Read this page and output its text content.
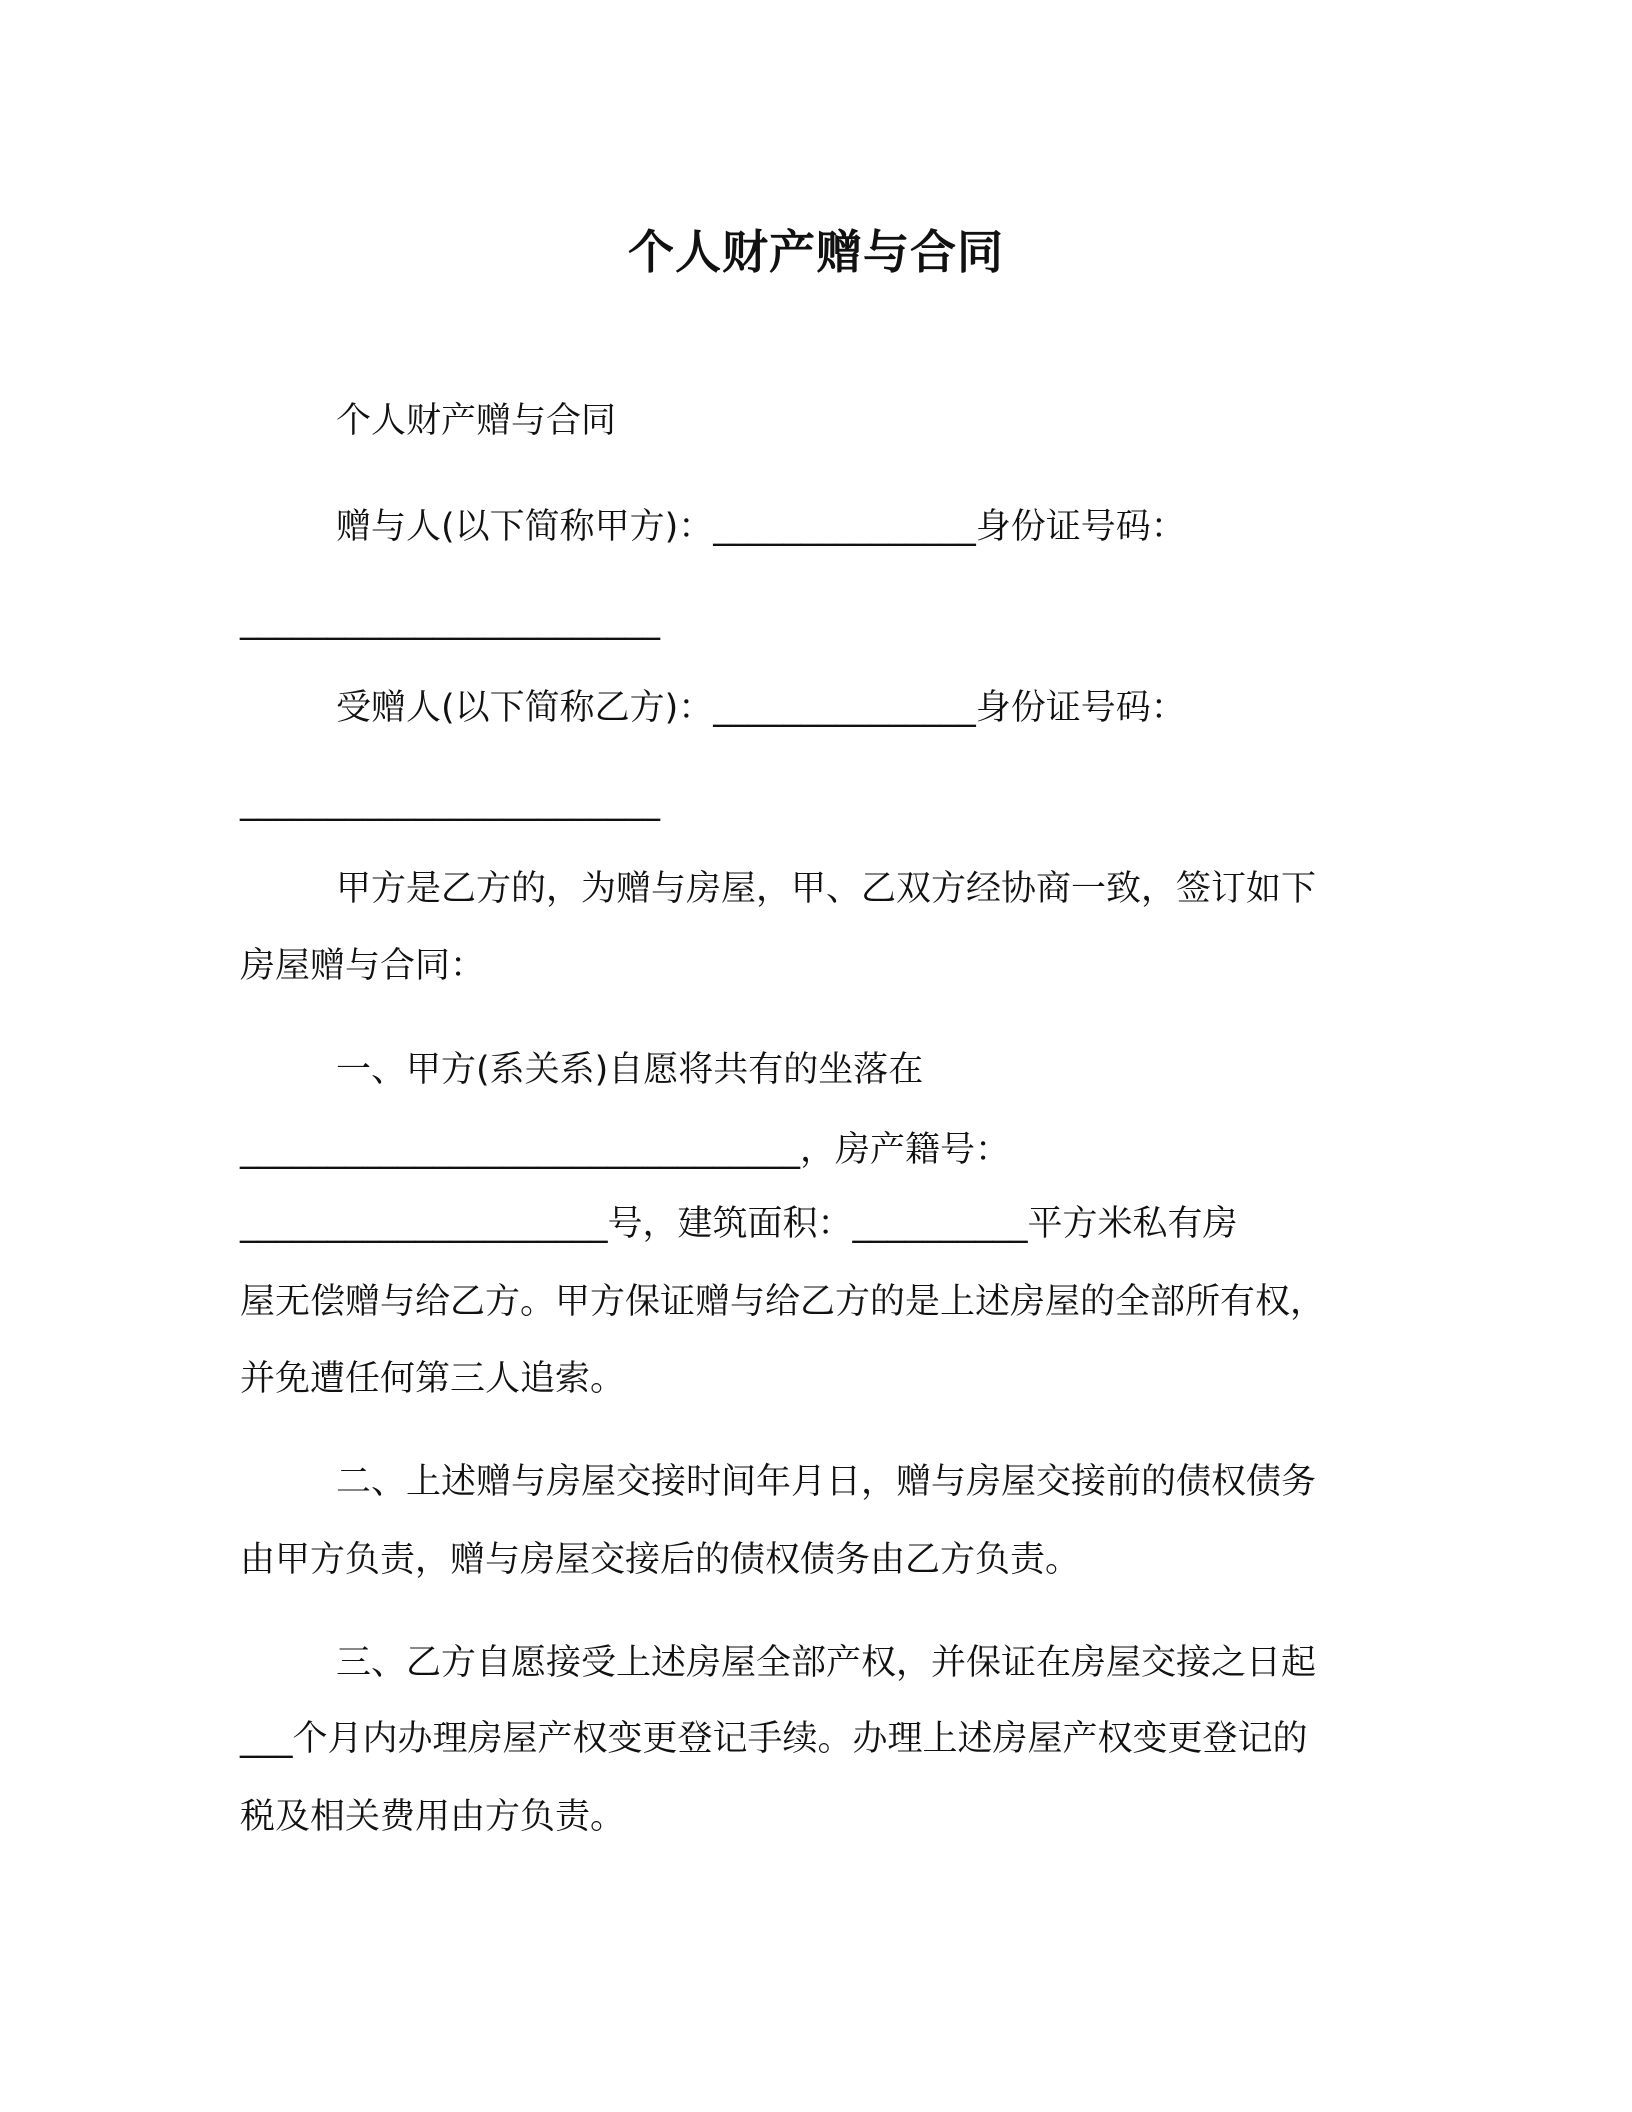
个人财产赠与合同
个人财产赠与合同
赠与人(以下简称甲方)：_______________身份证号码：
________________________
受赠人(以下简称乙方)：_______________身份证号码：
________________________
甲方是乙方的，为赠与房屋，甲、乙双方经协商一致，签订如下
房屋赠与合同：
一、甲方(系关系)自愿将共有的坐落在
________________________________，房产籍号：
_____________________号，建筑面积：__________平方米私有房
屋无偿赠与给乙方。甲方保证赠与给乙方的是上述房屋的全部所有权，
并免遭任何第三人追索。
二、上述赠与房屋交接时间年月日，赠与房屋交接前的债权债务
由甲方负责，赠与房屋交接后的债权债务由乙方负责。
三、乙方自愿接受上述房屋全部产权，并保证在房屋交接之日起
___个月内办理房屋产权变更登记手续。办理上述房屋产权变更登记的
税及相关费用由方负责。
